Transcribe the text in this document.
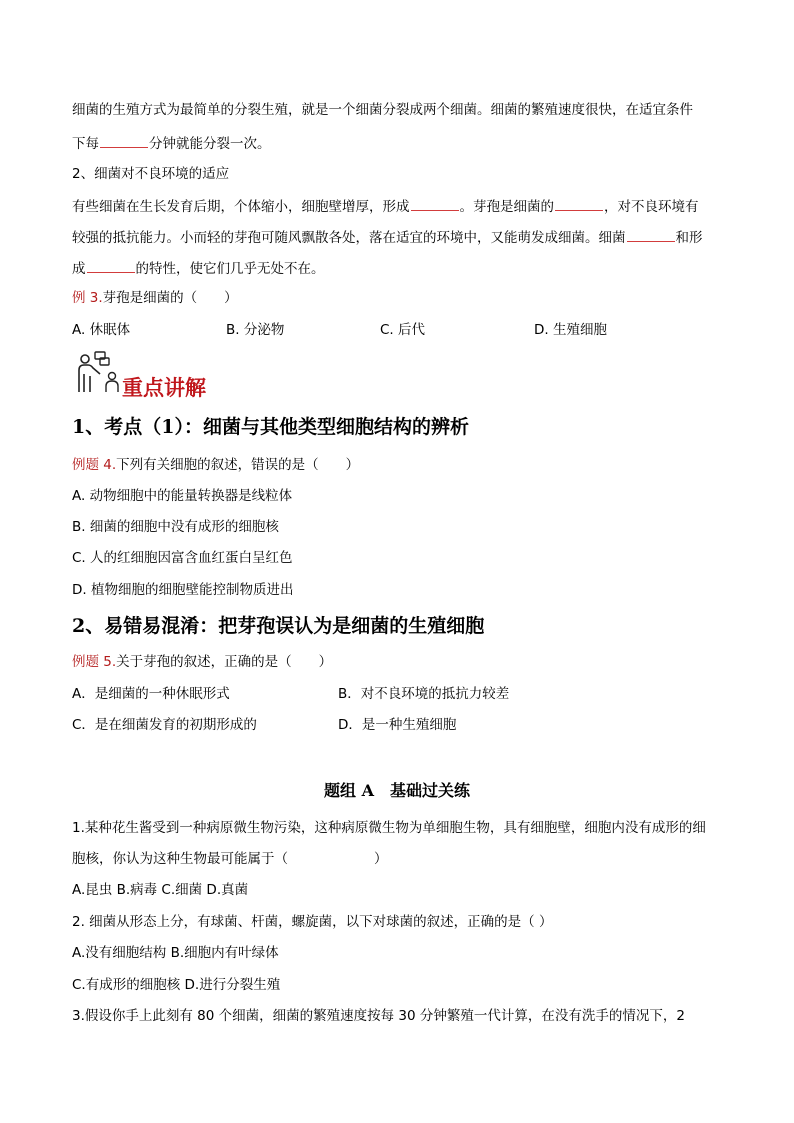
细菌的生殖方式为最简单的分裂生殖，就是一个细菌分裂成两个细菌。细菌的繁殖速度很快，在适宜条件
下每	分钟就能分裂一次。
2、细菌对不良环境的适应
有些细菌在生长发育后期，个体缩小，细胞壁增厚，形成	。芽孢是细菌的	，对不良环境有
较强的抵抗能力。小而轻的芽孢可随风飘散各处，落在适宜的环境中，又能萌发成细菌。细菌	和形
成	的特性，使它们几乎无处不在。
例 3.芽孢是细菌的（　　）
A. 休眠体	B. 分泌物	C. 后代	D. 生殖细胞
重点讲解
1、考点（1）：细菌与其他类型细胞结构的辨析
例题 4.下列有关细胞的叙述，错误的是（　　）
A. 动物细胞中的能量转换器是线粒体
B. 细菌的细胞中没有成形的细胞核
C. 人的红细胞因富含血红蛋白呈红色
D. 植物细胞的细胞壁能控制物质进出
2、易错易混淆：把芽孢误认为是细菌的生殖细胞
例题 5.关于芽孢的叙述，正确的是（　　）
A．是细菌的一种休眠形式	B．对不良环境的抵抗力较差
C．是在细菌发育的初期形成的	D．是一种生殖细胞
题组 A　基础过关练
1.某种花生酱受到一种病原微生物污染，这种病原微生物为单细胞生物，具有细胞壁，细胞内没有成形的细
胞核，你认为这种生物最可能属于（	）
A.昆虫 B.病毒 C.细菌 D.真菌
2. 细菌从形态上分，有球菌、杆菌，螺旋菌，以下对球菌的叙述，正确的是（ ）
A.没有细胞结构 B.细胞内有叶绿体
C.有成形的细胞核 D.进行分裂生殖
3.假设你手上此刻有 80 个细菌，细菌的繁殖速度按每 30 分钟繁殖一代计算，在没有洗手的情况下，2
